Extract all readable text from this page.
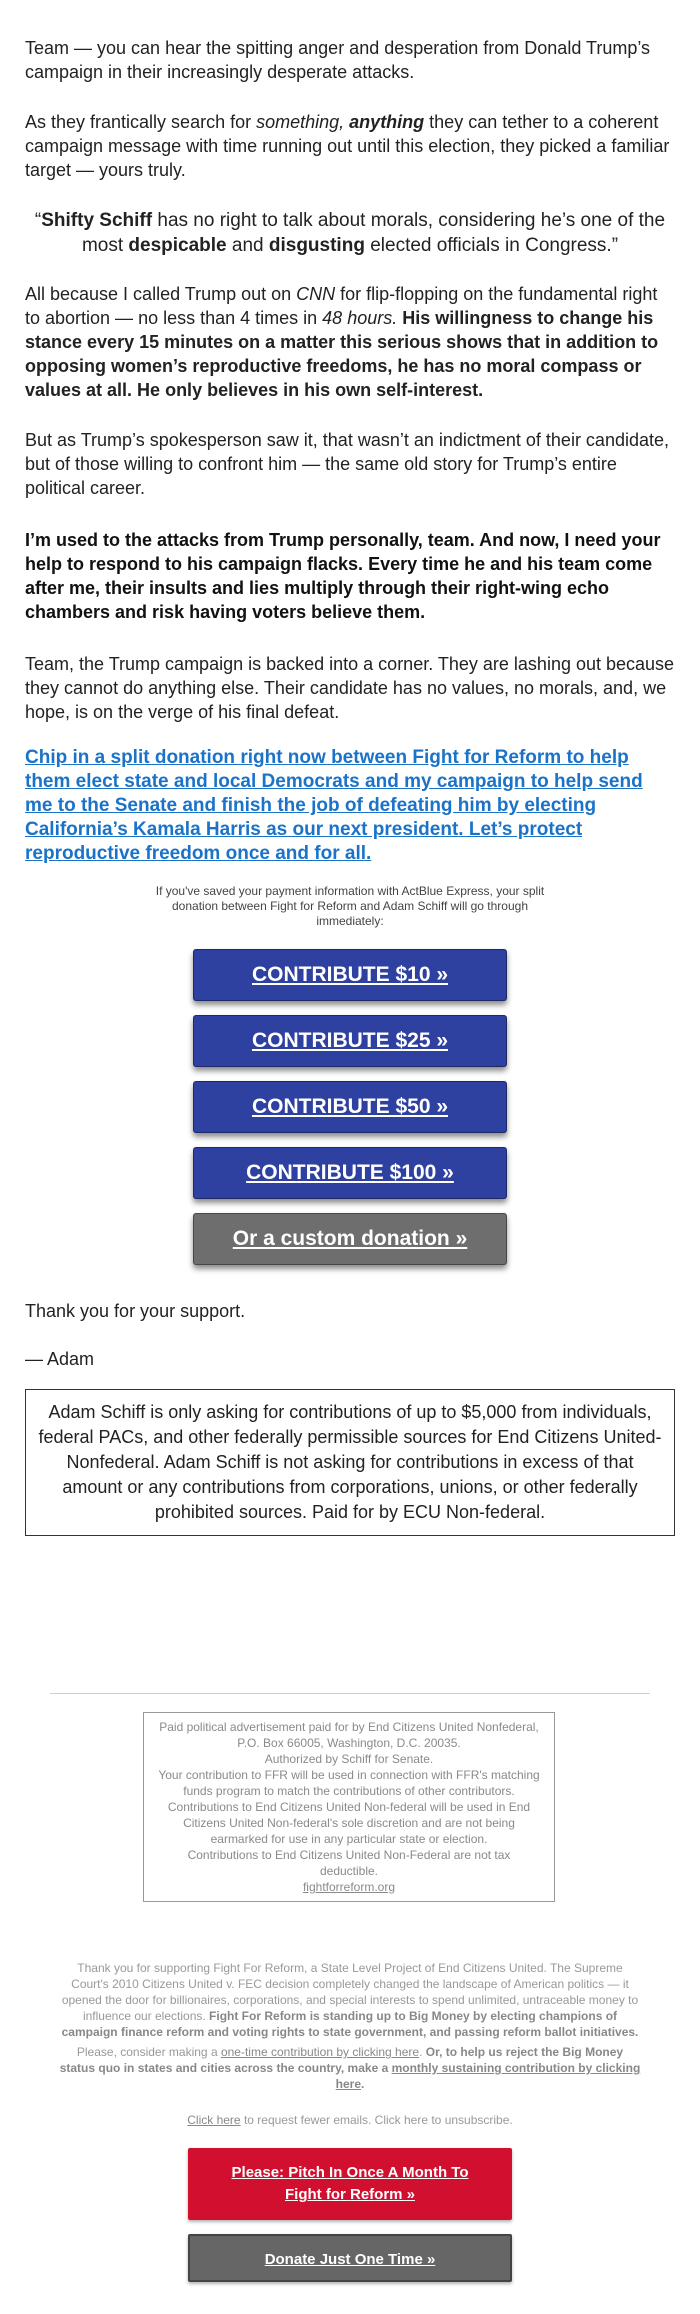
Team — you can hear the spitting anger and desperation from Donald Trump’s campaign in their increasingly desperate attacks.

As they frantically search for something, anything they can tether to a coherent campaign message with time running out until this election, they picked a familiar target — yours truly.

“Shifty Schiff has no right to talk about morals, considering he’s one of the most despicable and disgusting elected officials in Congress.”

All because I called Trump out on CNN for flip-flopping on the fundamental right to abortion — no less than 4 times in 48 hours. His willingness to change his stance every 15 minutes on a matter this serious shows that in addition to opposing women’s reproductive freedoms, he has no moral compass or values at all. He only believes in his own self-interest.

But as Trump’s spokesperson saw it, that wasn’t an indictment of their candidate, but of those willing to confront him — the same old story for Trump’s entire political career.

I’m used to the attacks from Trump personally, team. And now, I need your help to respond to his campaign flacks. Every time he and his team come after me, their insults and lies multiply through their right-wing echo chambers and risk having voters believe them.

Team, the Trump campaign is backed into a corner. They are lashing out because they cannot do anything else. Their candidate has no values, no morals, and, we hope, is on the verge of his final defeat.

Chip in a split donation right now between Fight for Reform to help them elect state and local Democrats and my campaign to help send me to the Senate and finish the job of defeating him by electing California’s Kamala Harris as our next president. Let’s protect reproductive freedom once and for all.
If you've saved your payment information with ActBlue Express, your split donation between Fight for Reform and Adam Schiff will go through immediately:
CONTRIBUTE $10 »
CONTRIBUTE $25 »
CONTRIBUTE $50 »
CONTRIBUTE $100 »
Or a custom donation »
Thank you for your support.
— Adam
Adam Schiff is only asking for contributions of up to $5,000 from individuals, federal PACs, and other federally permissible sources for End Citizens United-Nonfederal. Adam Schiff is not asking for contributions in excess of that amount or any contributions from corporations, unions, or other federally prohibited sources. Paid for by ECU Non-federal.
Paid political advertisement paid for by End Citizens United Nonfederal, P.O. Box 66005, Washington, D.C. 20035.
Authorized by Schiff for Senate.
Your contribution to FFR will be used in connection with FFR's matching funds program to match the contributions of other contributors.
Contributions to End Citizens United Non-federal will be used in End Citizens United Non-federal's sole discretion and are not being earmarked for use in any particular state or election.
Contributions to End Citizens United Non-Federal are not tax deductible.
fightforreform.org
Thank you for supporting Fight For Reform, a State Level Project of End Citizens United. The Supreme Court's 2010 Citizens United v. FEC decision completely changed the landscape of American politics — it opened the door for billionaires, corporations, and special interests to spend unlimited, untraceable money to influence our elections. Fight For Reform is standing up to Big Money by electing champions of campaign finance reform and voting rights to state government, and passing reform ballot initiatives.
Please, consider making a one-time contribution by clicking here. Or, to help us reject the Big Money status quo in states and cities across the country, make a monthly sustaining contribution by clicking here.
Click here to request fewer emails. Click here to unsubscribe.
Please: Pitch In Once A Month To Fight for Reform »
Donate Just One Time »
